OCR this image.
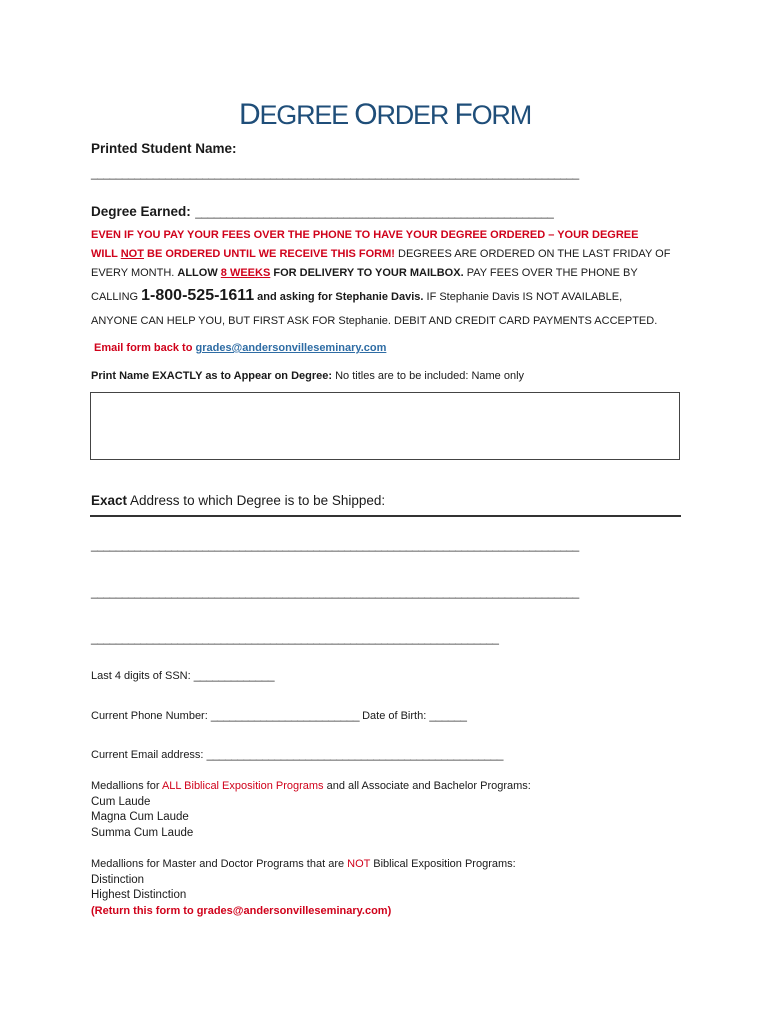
DEGREE ORDER FORM
Printed Student Name:
_______________________________________________________________________________
Degree Earned: __________________________________________________________
EVEN IF YOU PAY YOUR FEES OVER THE PHONE TO HAVE YOUR DEGREE ORDERED – YOUR DEGREE
WILL NOT BE ORDERED UNTIL WE RECEIVE THIS FORM! DEGREES ARE ORDERED ON THE LAST FRIDAY OF
EVERY MONTH. ALLOW 8 WEEKS FOR DELIVERY TO YOUR MAILBOX. PAY FEES OVER THE PHONE BY
CALLING 1-800-525-1611 and asking for Stephanie Davis. IF Stephanie Davis IS NOT AVAILABLE,
ANYONE CAN HELP YOU, BUT FIRST ASK FOR Stephanie. DEBIT AND CREDIT CARD PAYMENTS ACCEPTED.
Email form back to grades@andersonvilleseminary.com
Print Name EXACTLY as to Appear on Degree: No titles are to be included: Name only
Exact Address to which Degree is to be Shipped:
_______________________________________________________________________________
_______________________________________________________________________________
__________________________________________________________________
Last 4 digits of SSN: _____________
Current Phone Number: ________________________ Date of Birth: ______
Current Email address: ________________________________________________
Medallions for ALL Biblical Exposition Programs and all Associate and Bachelor Programs:
Cum Laude
Magna Cum Laude
Summa Cum Laude
Medallions for Master and Doctor Programs that are NOT Biblical Exposition Programs:
Distinction
Highest Distinction
(Return this form to grades@andersonvilleseminary.com)
